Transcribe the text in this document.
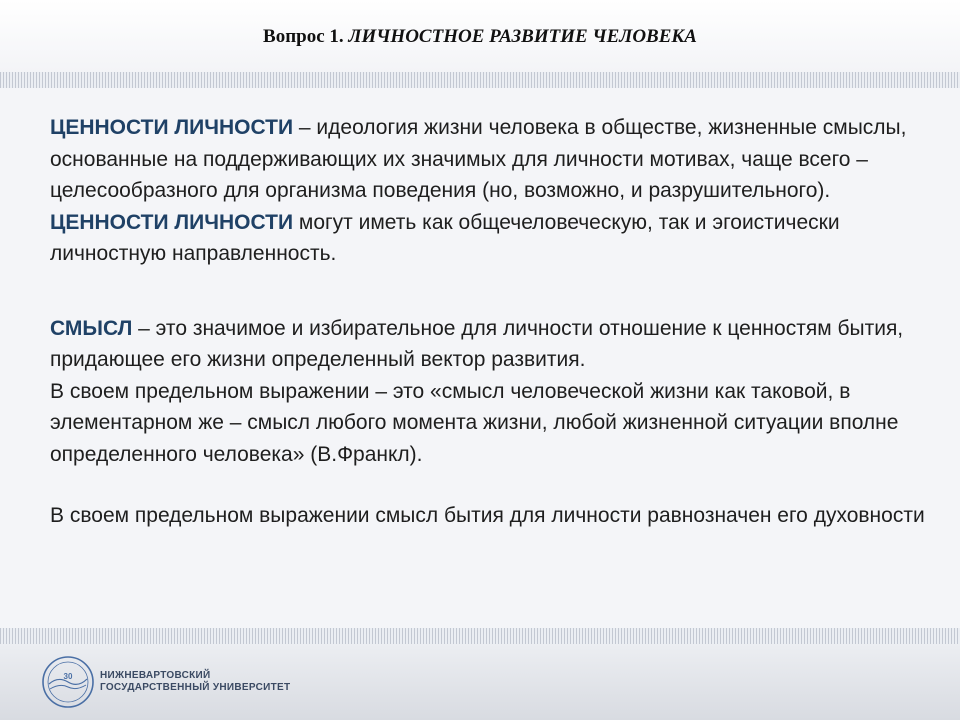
Вопрос 1. ЛИЧНОСТНОЕ РАЗВИТИЕ ЧЕЛОВЕКА

ЦЕННОСТИ ЛИЧНОСТИ – идеология жизни человека в обществе, жизненные смыслы, основанные на поддерживающих их значимых для личности мотивах, чаще всего – целесообразного для организма поведения (но, возможно, и разрушительного).

ЦЕННОСТИ ЛИЧНОСТИ могут иметь как общечеловеческую, так и эгоистически личностную направленность.

СМЫСЛ – это значимое и избирательное для личности отношение к ценностям бытия, придающее его жизни определенный вектор развития.

В своем предельном выражении – это «смысл человеческой жизни как таковой, в элементарном же – смысл любого момента жизни, любой жизненной ситуации вполне определенного человека» (В.Франкл).

В своем предельном выражении смысл бытия для личности равнозначен его духовности

30	НИЖНЕВАРТОВСКИЙ
ГОСУДАРСТВЕННЫЙ УНИВЕРСИТЕТ
